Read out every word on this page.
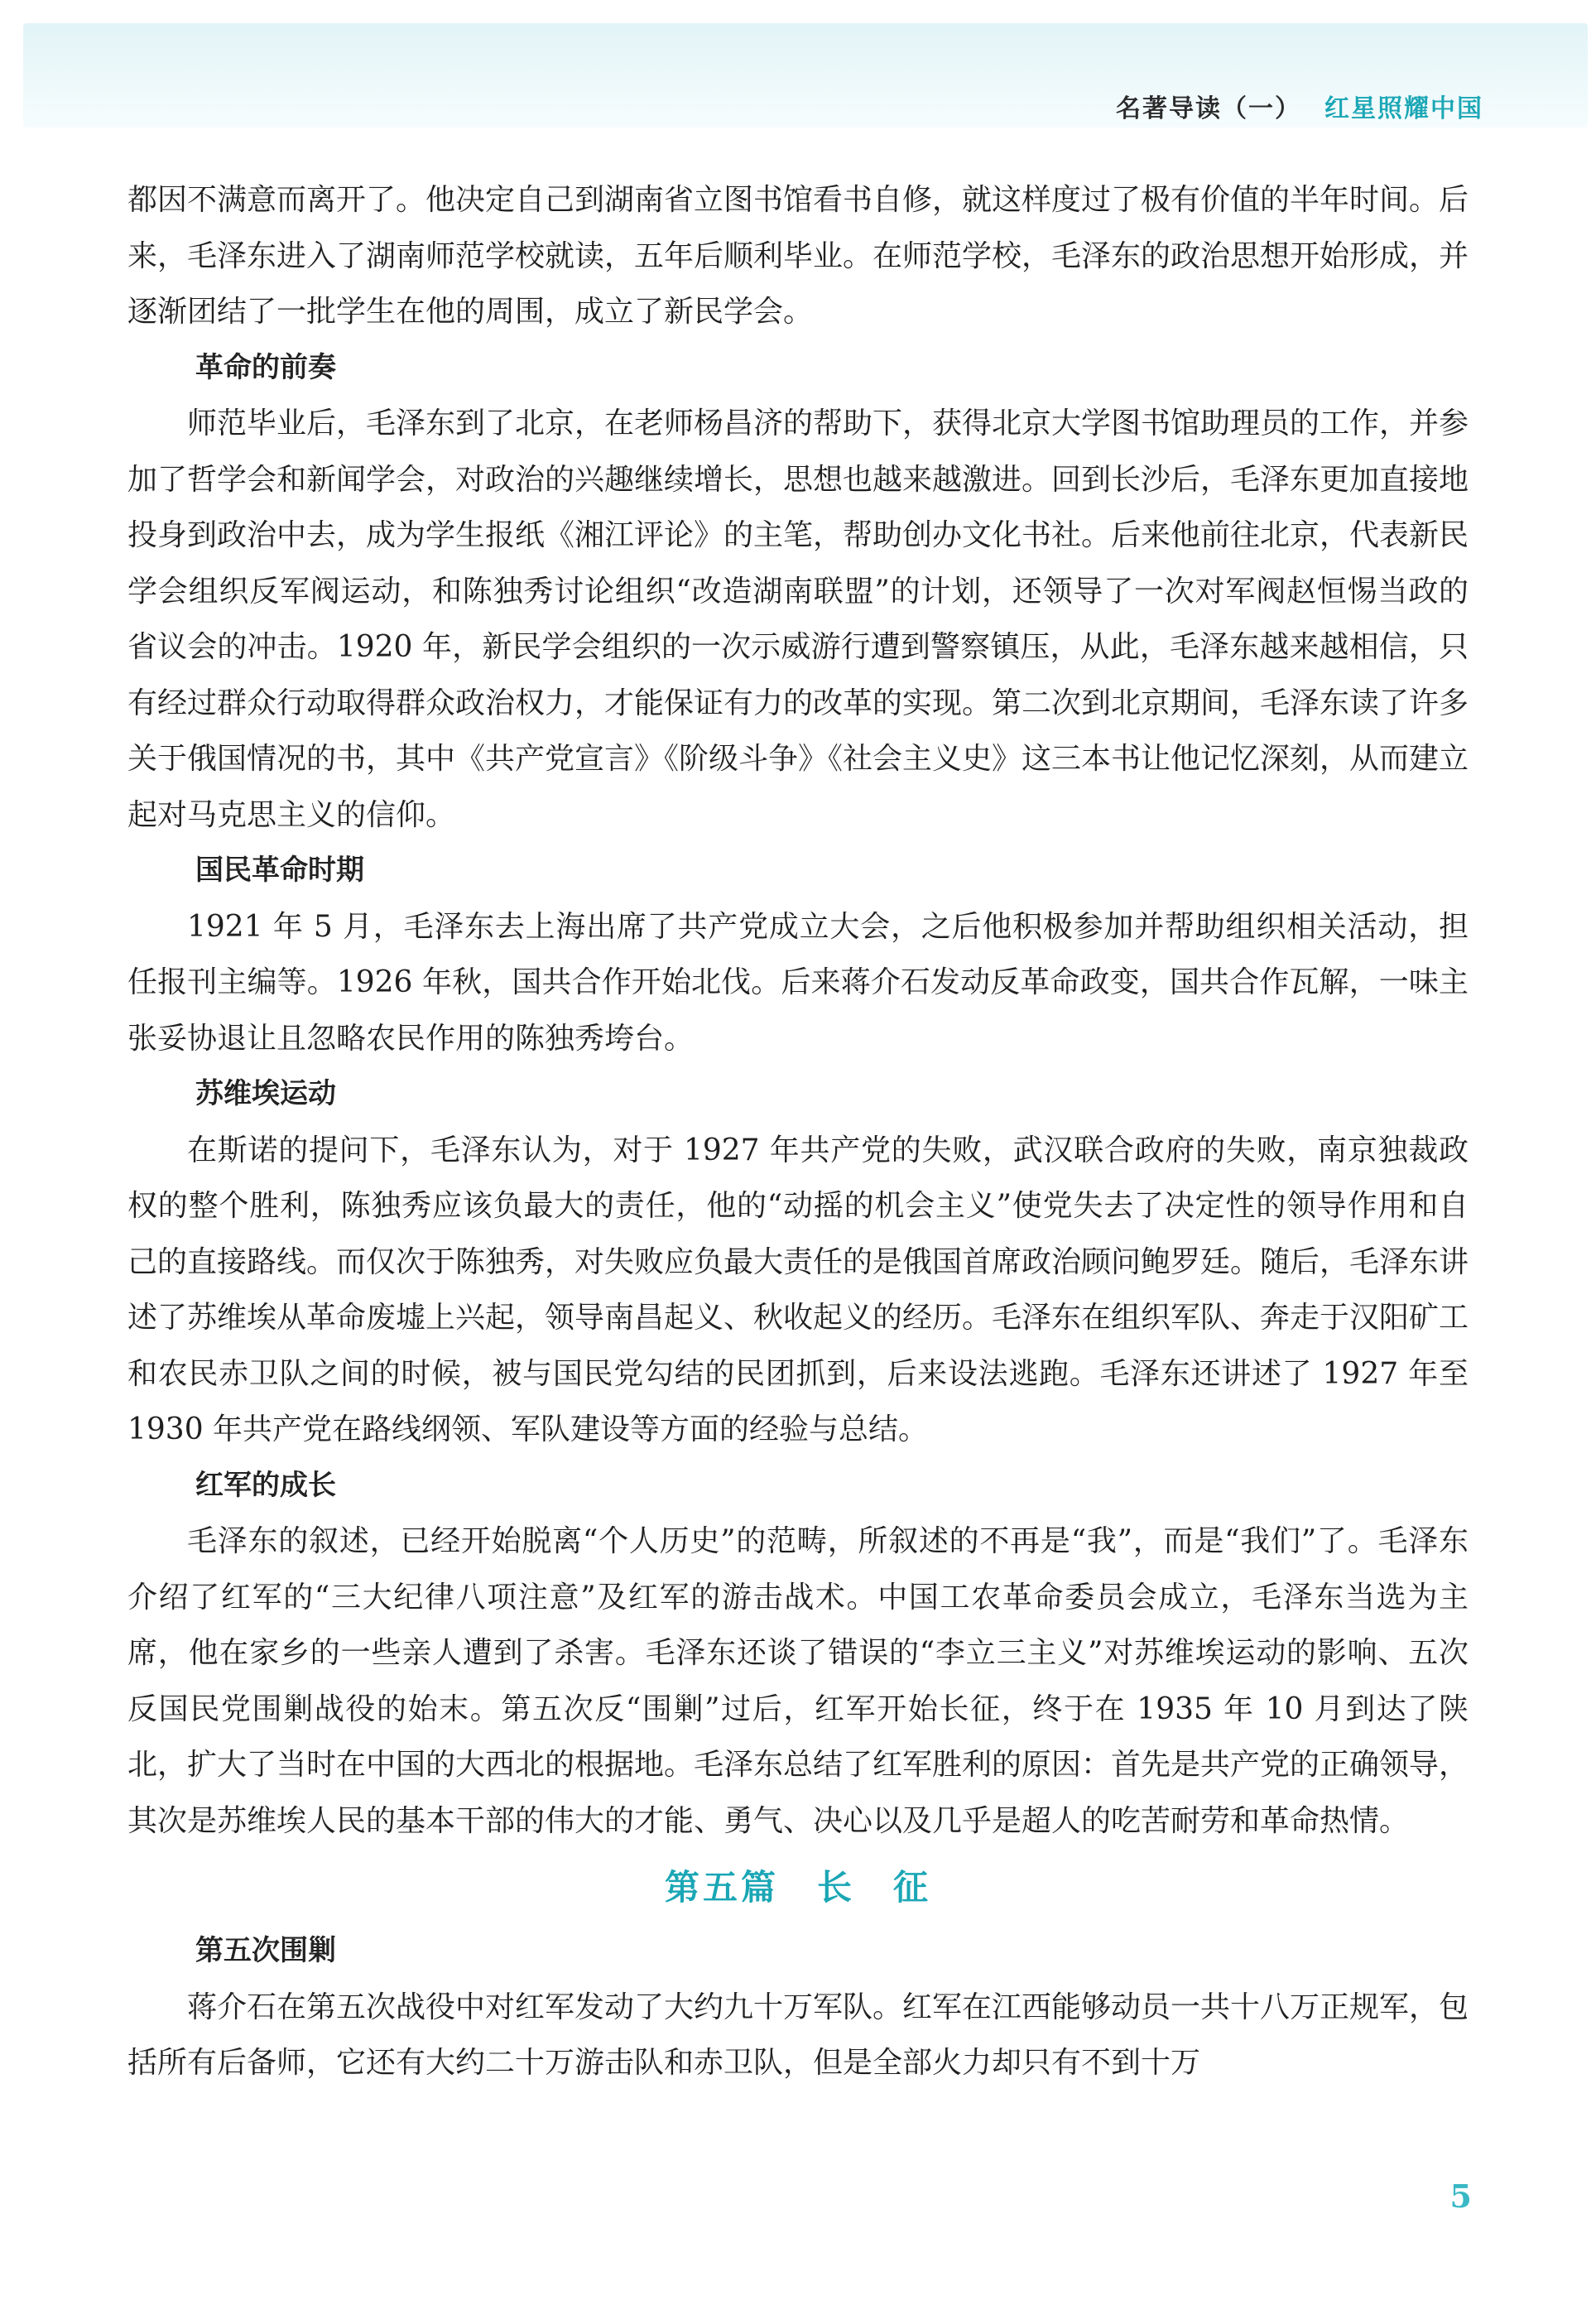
名著导读（一） 红星照耀中国

都因不满意而离开了。他决定自己到湖南省立图书馆看书自修，就这样度过了极有价值的半年时间。后来，毛泽东进入了湖南师范学校就读，五年后顺利毕业。在师范学校，毛泽东的政治思想开始形成，并逐渐团结了一批学生在他的周围，成立了新民学会。

革命的前奏

师范毕业后，毛泽东到了北京，在老师杨昌济的帮助下，获得北京大学图书馆助理员的工作，并参加了哲学会和新闻学会，对政治的兴趣继续增长，思想也越来越激进。回到长沙后，毛泽东更加直接地投身到政治中去，成为学生报纸《湘江评论》的主笔，帮助创办文化书社。后来他前往北京，代表新民学会组织反军阀运动，和陈独秀讨论组织“改造湖南联盟”的计划，还领导了一次对军阀赵恒惕当政的省议会的冲击。1920 年，新民学会组织的一次示威游行遭到警察镇压，从此，毛泽东越来越相信，只有经过群众行动取得群众政治权力，才能保证有力的改革的实现。第二次到北京期间，毛泽东读了许多关于俄国情况的书，其中《共产党宣言》《阶级斗争》《社会主义史》这三本书让他记忆深刻，从而建立起对马克思主义的信仰。

国民革命时期

1921 年 5 月，毛泽东去上海出席了共产党成立大会，之后他积极参加并帮助组织相关活动，担任报刊主编等。1926 年秋，国共合作开始北伐。后来蒋介石发动反革命政变，国共合作瓦解，一味主张妥协退让且忽略农民作用的陈独秀垮台。

苏维埃运动

在斯诺的提问下，毛泽东认为，对于 1927 年共产党的失败，武汉联合政府的失败，南京独裁政权的整个胜利，陈独秀应该负最大的责任，他的“动摇的机会主义”使党失去了决定性的领导作用和自己的直接路线。而仅次于陈独秀，对失败应负最大责任的是俄国首席政治顾问鲍罗廷。随后，毛泽东讲述了苏维埃从革命废墟上兴起，领导南昌起义、秋收起义的经历。毛泽东在组织军队、奔走于汉阳矿工和农民赤卫队之间的时候，被与国民党勾结的民团抓到，后来设法逃跑。毛泽东还讲述了 1927 年至 1930 年共产党在路线纲领、军队建设等方面的经验与总结。

红军的成长

毛泽东的叙述，已经开始脱离“个人历史”的范畴，所叙述的不再是“我”，而是“我们”了。毛泽东介绍了红军的“三大纪律八项注意”及红军的游击战术。中国工农革命委员会成立，毛泽东当选为主席，他在家乡的一些亲人遭到了杀害。毛泽东还谈了错误的“李立三主义”对苏维埃运动的影响、五次反国民党围剿战役的始末。第五次反“围剿”过后，红军开始长征，终于在 1935 年 10 月到达了陕北，扩大了当时在中国的大西北的根据地。毛泽东总结了红军胜利的原因：首先是共产党的正确领导，其次是苏维埃人民的基本干部的伟大的才能、勇气、决心以及几乎是超人的吃苦耐劳和革命热情。

第五篇　长　征
第五次围剿

蒋介石在第五次战役中对红军发动了大约九十万军队。红军在江西能够动员一共十八万正规军，包括所有后备师，它还有大约二十万游击队和赤卫队，但是全部火力却只有不到十万

5
